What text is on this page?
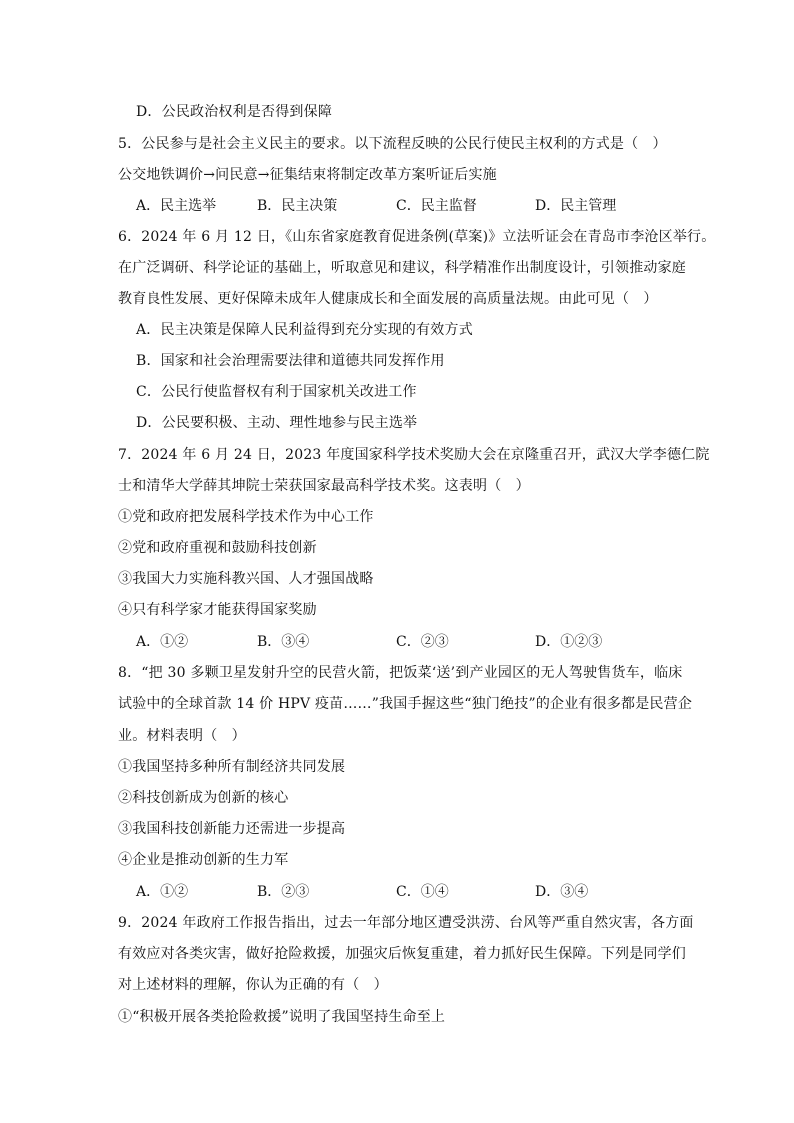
D．公民政治权利是否得到保障
5．公民参与是社会主义民主的要求。以下流程反映的公民行使民主权利的方式是（　）
公交地铁调价→问民意→征集结束将制定改革方案听证后实施
A．民主选举	B．民主决策	C．民主监督	D．民主管理
6．2024 年 6 月 12 日，《山东省家庭教育促进条例(草案)》立法听证会在青岛市李沧区举行。
在广泛调研、科学论证的基础上，听取意见和建议，科学精准作出制度设计，引领推动家庭
教育良性发展、更好保障未成年人健康成长和全面发展的高质量法规。由此可见（　）
A．民主决策是保障人民利益得到充分实现的有效方式
B．国家和社会治理需要法律和道德共同发挥作用
C．公民行使监督权有利于国家机关改进工作
D．公民要积极、主动、理性地参与民主选举
7．2024 年 6 月 24 日，2023 年度国家科学技术奖励大会在京隆重召开，武汉大学李德仁院
士和清华大学薛其坤院士荣获国家最高科学技术奖。这表明（　）
①党和政府把发展科学技术作为中心工作
②党和政府重视和鼓励科技创新
③我国大力实施科教兴国、人才强国战略
④只有科学家才能获得国家奖励
A．①②	B．③④	C．②③	D．①②③
8．“把 30 多颗卫星发射升空的民营火箭，把饭菜‘送’到产业园区的无人驾驶售货车，临床
试验中的全球首款 14 价 HPV 疫苗……”我国手握这些“独门绝技”的企业有很多都是民营企
业。材料表明（　）
①我国坚持多种所有制经济共同发展
②科技创新成为创新的核心
③我国科技创新能力还需进一步提高
④企业是推动创新的生力军
A．①②	B．②③	C．①④	D．③④
9．2024 年政府工作报告指出，过去一年部分地区遭受洪涝、台风等严重自然灾害，各方面
有效应对各类灾害，做好抢险救援，加强灾后恢复重建，着力抓好民生保障。下列是同学们
对上述材料的理解，你认为正确的有（　）
①“积极开展各类抢险救援”说明了我国坚持生命至上
